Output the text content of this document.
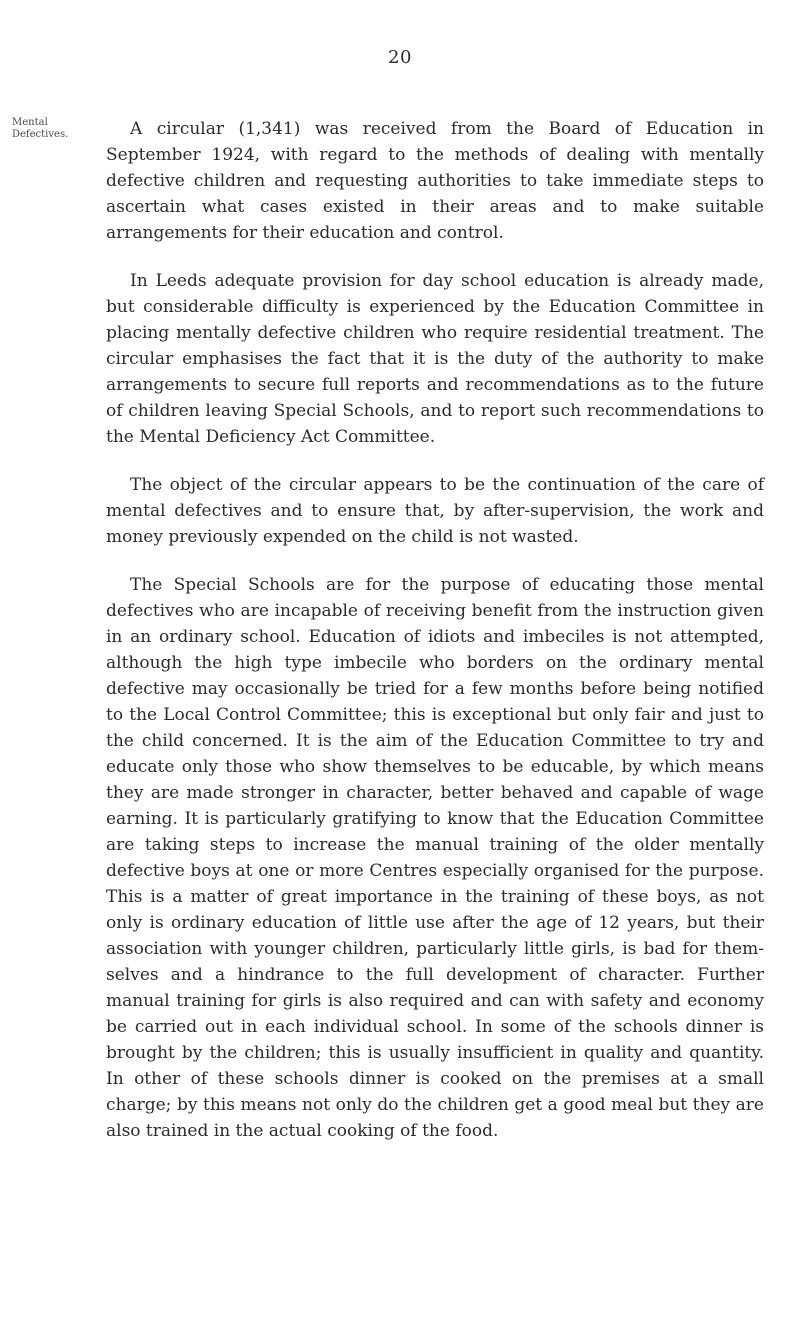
20
Mental
Defectives.	A circular (1,341) was received from the Board of Education in September 1924, with regard to the methods of dealing with mentally defective children and requesting authorities to take immediate steps to ascertain what cases existed in their areas and to make suitable arrangements for their education and control.

In Leeds adequate provision for day school education is already made, but considerable difficulty is experienced by the Education Committee in placing mentally defective children who require residential treatment. The circular emphasises the fact that it is the duty of the authority to make arrangements to secure full reports and recommendations as to the future of children leaving Special Schools, and to report such recommendations to the Mental Deficiency Act Committee.

The object of the circular appears to be the continuation of the care of mental defectives and to ensure that, by after-supervision, the work and money previously expended on the child is not wasted.

The Special Schools are for the purpose of educating those mental defectives who are incapable of receiving benefit from the instruction given in an ordinary school. Education of idiots and imbeciles is not attempted, although the high type imbecile who borders on the ordinary mental defective may occasionally be tried for a few months before being notified to the Local Control Committee; this is exceptional but only fair and just to the child concerned. It is the aim of the Education Committee to try and educate only those who show themselves to be educable, by which means they are made stronger in character, better behaved and capable of wage earning. It is particularly gratifying to know that the Education Committee are taking steps to increase the manual training of the older mentally defective boys at one or more Centres especially organised for the purpose. This is a matter of great importance in the training of these boys, as not only is ordinary education of little use after the age of 12 years, but their association with younger children, particularly little girls, is bad for them-selves and a hindrance to the full development of character. Further manual training for girls is also required and can with safety and economy be carried out in each individual school. In some of the schools dinner is brought by the children; this is usually insufficient in quality and quantity. In other of these schools dinner is cooked on the premises at a small charge; by this means not only do the children get a good meal but they are also trained in the actual cooking of the food.
